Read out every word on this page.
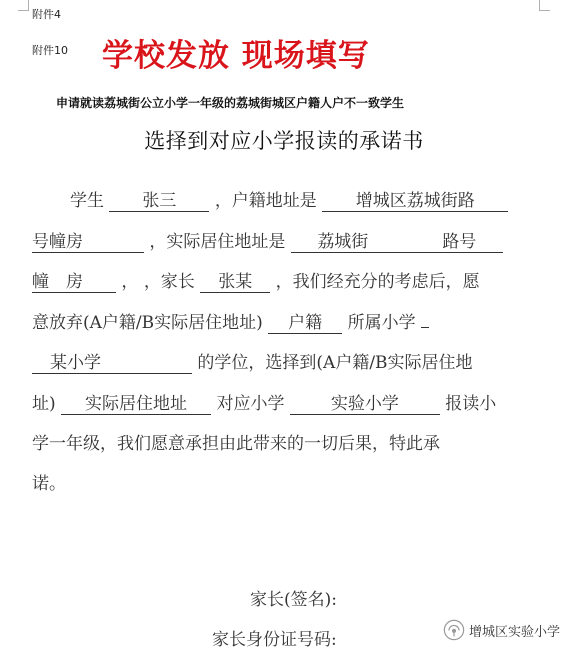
附件4
附件10 学校发放 现场填写
申请就读荔城街公立小学一年级的荔城街城区户籍人户不一致学生
选择到对应小学报读的承诺书
学生 张三 ，户籍地址是 增城区荔城街路
号幢房	，实际居住地址是 荔城街	路号
幢　房 ， ，家长 张某 ，我们经充分的考虑后，愿
意放弃(A户籍/B实际居住地址) 户籍 所属小学
某小学	的学位，选择到(A户籍/B实际居住地
址) 实际居住地址 对应小学	实验小学	报读小
学一年级，我们愿意承担由此带来的一切后果，特此承
诺。
家长(签名):
家长身份证号码:	增城区实验小学
